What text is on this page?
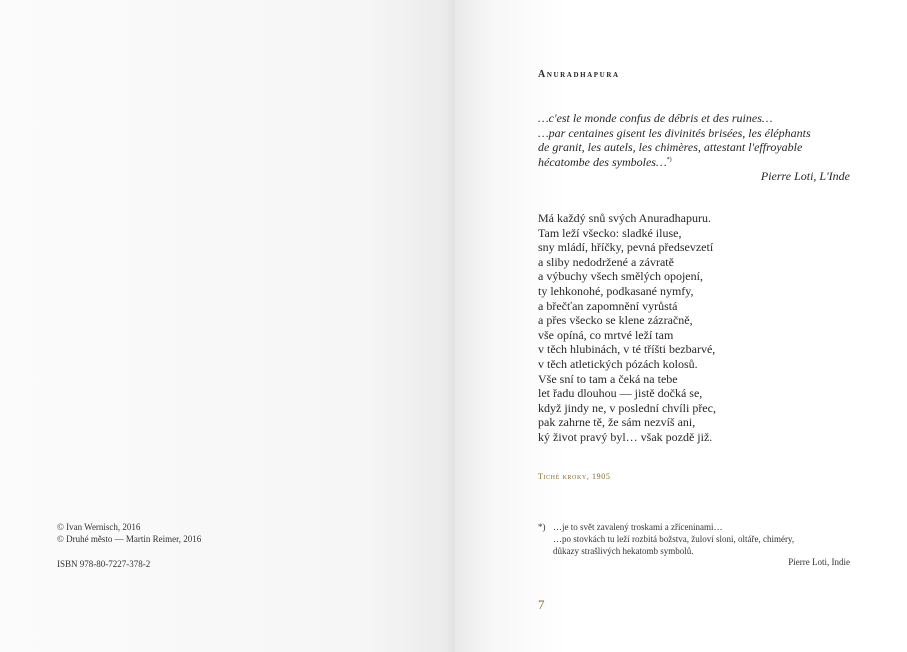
© Ivan Wernisch, 2016
© Druhé město — Martin Reimer, 2016
ISBN 978-80-7227-378-2
Anuradhapura
…c'est le monde confus de débris et des ruines…
…par centaines gisent les divinités brisées, les éléphants
de granit, les autels, les chimères, attestant l'effroyable
hécatombe des symboles…*)
Pierre Loti, L'Inde
Má každý snů svých Anuradhapuru.
Tam leží všecko: sladké iluse,
sny mládí, hříčky, pevná předsevzetí
a sliby nedodržené a závratě
a výbuchy všech smělých opojení,
ty lehkonohé, podkasané nymfy,
a břečťan zapomnění vyrůstá
a přes všecko se klene zázračně,
vše opíná, co mrtvé leží tam
v těch hlubinách, v té tříšti bezbarvé,
v těch atletických pózách kolosů.
Vše sní to tam a čeká na tebe
let řadu dlouhou — jistě dočká se,
když jindy ne, v poslední chvíli přec,
pak zahrne tě, že sám nezvíš ani,
ký život pravý byl… však pozdě již.
Tiché kroky, 1905
*) …je to svět zavalený troskami a zříceninami…
…po stovkách tu leží rozbitá božstva, žuloví sloni, oltáře, chiméry,
důkazy strašlivých hekatomb symbolů.
Pierre Loti, Indie
7
